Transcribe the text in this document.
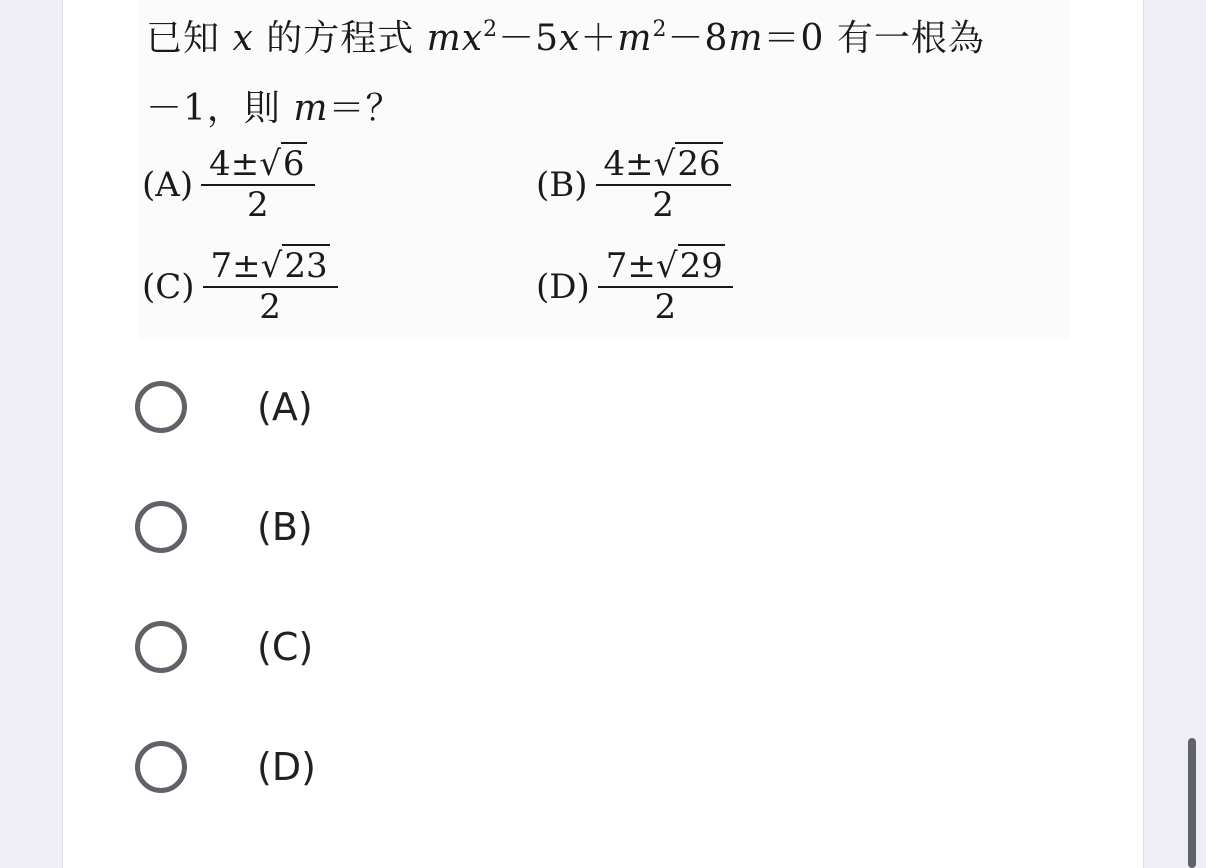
已知 x 的方程式 $mx^2-5x+m^2-8m=0$ 有一根為
－1，則 m＝？
$(A) \frac{4\pm√6}{2}$	$(B) \frac{4\pm√26}{2}$
$(C) \frac{7\pm√23}{2}$	$(D) \frac{7\pm√29}{2}$
(A)
(B)
(C)
(D)
